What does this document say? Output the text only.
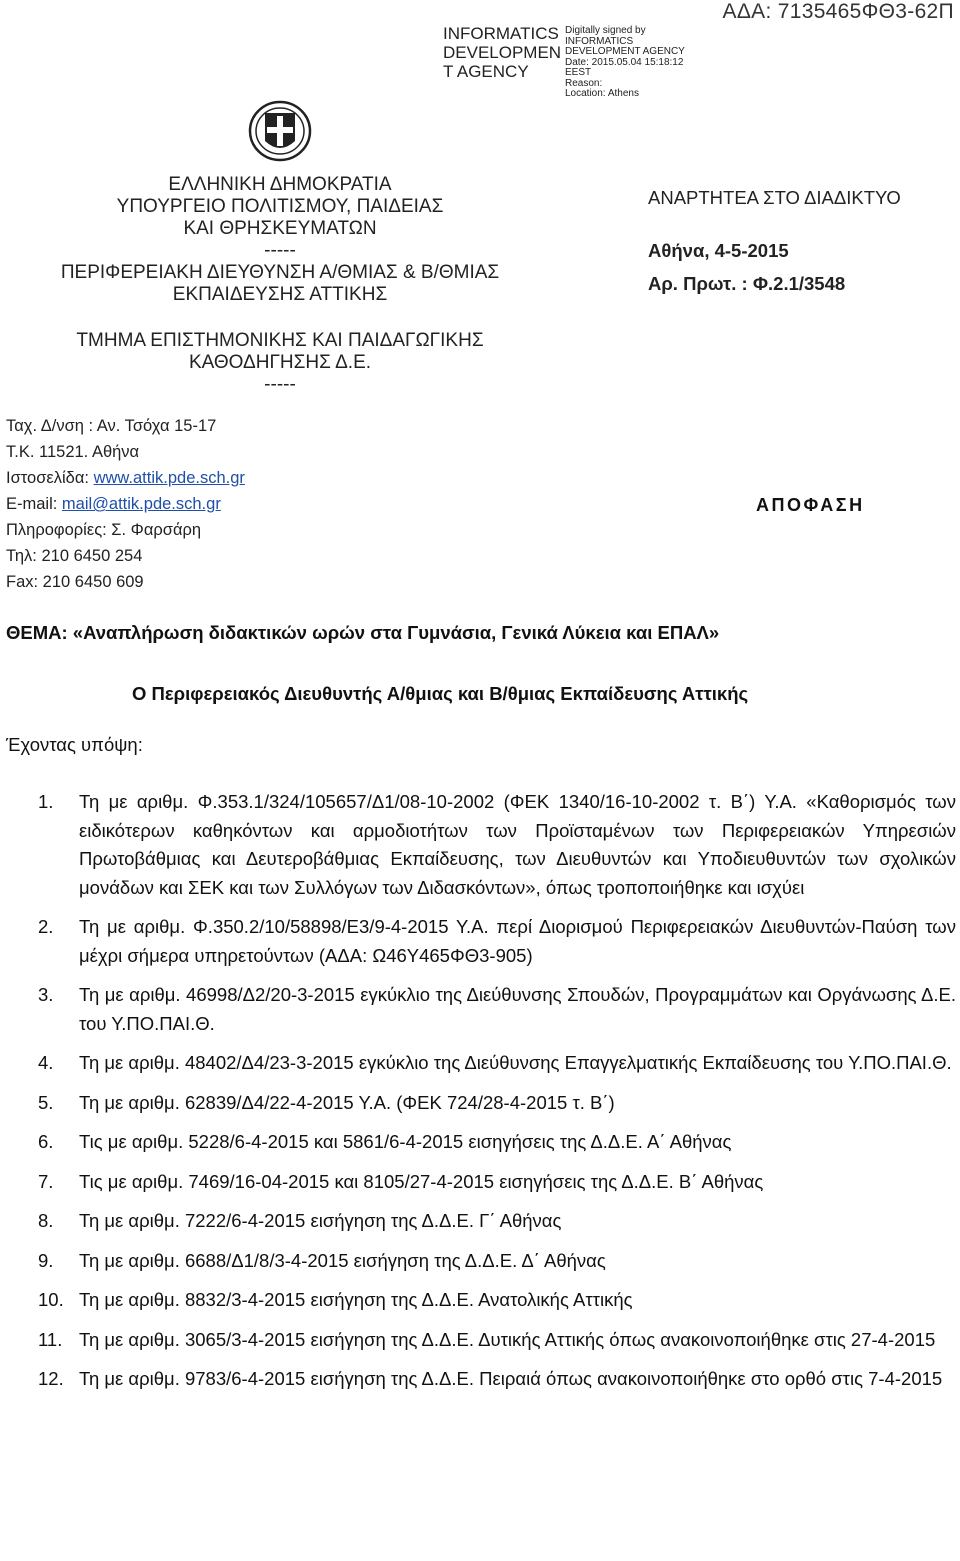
INFORMATICS
DEVELOPMEN
T AGENCY
Digitally signed by
INFORMATICS
DEVELOPMENT AGENCY
Date: 2015.05.04 15:18:12
EEST
Reason:
Location: Athens
ΑΔΑ: 7135465ΦΘ3-62Π
ΕΛΛΗΝΙΚΗ ΔΗΜΟΚΡΑΤΙΑ
ΥΠΟΥΡΓΕΙΟ ΠΟΛΙΤΙΣΜΟΥ, ΠΑΙΔΕΙΑΣ
ΚΑΙ ΘΡΗΣΚΕΥΜΑΤΩΝ
-----
ΠΕΡΙΦΕΡΕΙΑΚΗ ΔΙΕΥΘΥΝΣΗ Α/ΘΜΙΑΣ & Β/ΘΜΙΑΣ
ΕΚΠΑΙΔΕΥΣΗΣ ΑΤΤΙΚΗΣ
ΤΜΗΜΑ ΕΠΙΣΤΗΜΟΝΙΚΗΣ ΚΑΙ ΠΑΙΔΑΓΩΓΙΚΗΣ
ΚΑΘΟΔΗΓΗΣΗΣ Δ.Ε.
-----
Ταχ. Δ/νση : Αν. Τσόχα 15-17
Τ.Κ. 11521. Αθήνα
Ιστοσελίδα: www.attik.pde.sch.gr
E-mail: mail@attik.pde.sch.gr
Πληροφορίες: Σ. Φαρσάρη
Τηλ: 210 6450 254
Fax: 210 6450 609
ΑΝΑΡΤΗΤΕΑ ΣΤΟ ΔΙΑΔΙΚΤΥΟ
Αθήνα, 4-5-2015
Αρ. Πρωτ. : Φ.2.1/3548
ΑΠΟΦΑΣΗ
ΘΕΜΑ: «Αναπλήρωση διδακτικών ωρών στα Γυμνάσια, Γενικά Λύκεια και ΕΠΑΛ»
Ο Περιφερειακός Διευθυντής Α/θμιας και Β/θμιας Εκπαίδευσης Αττικής
Έχοντας υπόψη:
1.	Τη με αριθμ. Φ.353.1/324/105657/Δ1/08-10-2002 (ΦΕΚ 1340/16-10-2002 τ. Β΄) Υ.Α. «Καθορισμός των ειδικότερων καθηκόντων και αρμοδιοτήτων των Προϊσταμένων των Περιφερειακών Υπηρεσιών Πρωτοβάθμιας και Δευτεροβάθμιας Εκπαίδευσης, των Διευθυντών και Υποδιευθυντών των σχολικών μονάδων και ΣΕΚ και των Συλλόγων των Διδασκόντων», όπως τροποποιήθηκε και ισχύει
2.	Τη με αριθμ. Φ.350.2/10/58898/Ε3/9-4-2015 Υ.Α. περί Διορισμού Περιφερειακών Διευθυντών-Παύση των μέχρι σήμερα υπηρετούντων (ΑΔΑ: Ω46Υ465ΦΘ3-905)
3.	Τη με αριθμ. 46998/Δ2/20-3-2015 εγκύκλιο της Διεύθυνσης Σπουδών, Προγραμμάτων και Οργάνωσης Δ.Ε. του Υ.ΠΟ.ΠΑΙ.Θ.
4.	Τη με αριθμ. 48402/Δ4/23-3-2015 εγκύκλιο της Διεύθυνσης Επαγγελματικής Εκπαίδευσης του Υ.ΠΟ.ΠΑΙ.Θ.
5.	Τη με αριθμ. 62839/Δ4/22-4-2015 Υ.Α. (ΦΕΚ 724/28-4-2015 τ. Β΄)
6.	Τις με αριθμ. 5228/6-4-2015 και 5861/6-4-2015 εισηγήσεις της Δ.Δ.Ε. Α΄ Αθήνας
7.	Τις με αριθμ. 7469/16-04-2015 και 8105/27-4-2015 εισηγήσεις της Δ.Δ.Ε. Β΄ Αθήνας
8.	Τη με αριθμ. 7222/6-4-2015 εισήγηση της Δ.Δ.Ε. Γ΄ Αθήνας
9.	Τη με αριθμ. 6688/Δ1/8/3-4-2015 εισήγηση της Δ.Δ.Ε. Δ΄ Αθήνας
10. Τη με αριθμ. 8832/3-4-2015 εισήγηση της Δ.Δ.Ε. Ανατολικής Αττικής
11. Τη με αριθμ. 3065/3-4-2015 εισήγηση της Δ.Δ.Ε. Δυτικής Αττικής όπως ανακοινοποιήθηκε στις 27-4-2015
12. Τη με αριθμ. 9783/6-4-2015 εισήγηση της Δ.Δ.Ε. Πειραιά όπως ανακοινοποιήθηκε στο ορθό στις 7-4-2015
